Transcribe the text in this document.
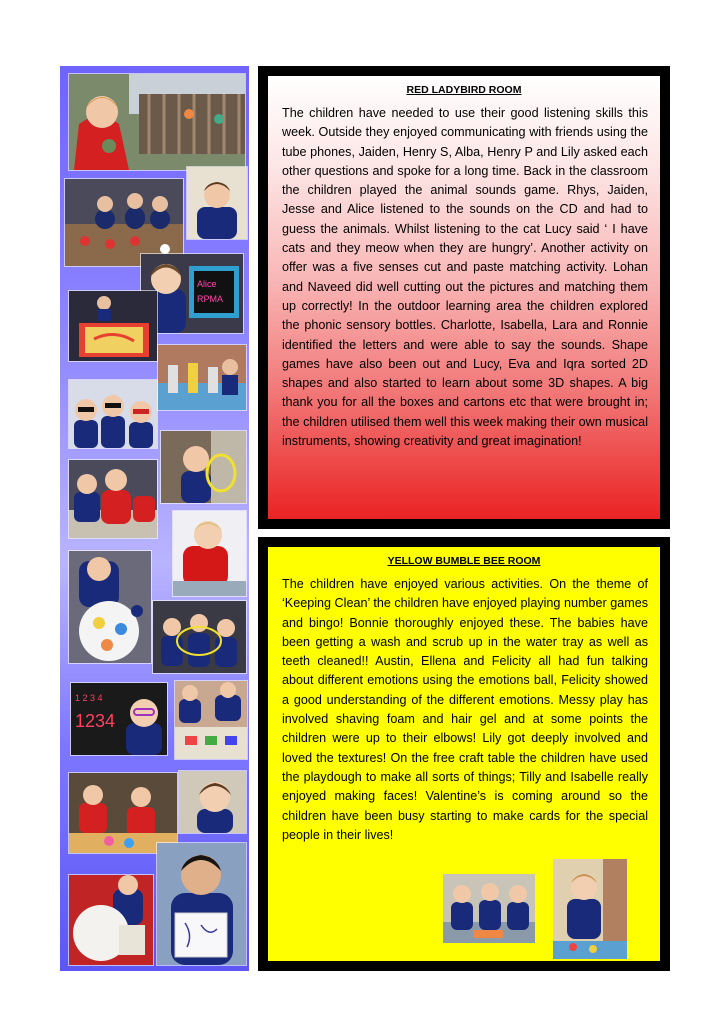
Alice
RPMA
1 2 3 4
1234
RED LADYBIRD ROOM
The children have needed to use their good listening skills this week. Outside they enjoyed communicating with friends using the tube phones, Jaiden, Henry S, Alba, Henry P and Lily asked each other questions and spoke for a long time. Back in the classroom the children played the animal sounds game. Rhys, Jaiden, Jesse and Alice listened to the sounds on the CD and had to guess the animals. Whilst listening to the cat Lucy said ‘ I have cats and they meow when they are hungry’. Another activity on offer was a five senses cut and paste matching activity. Lohan and Naveed did well cutting out the pictures and matching them up correctly! In the outdoor learning area the children explored the phonic sensory bottles. Charlotte, Isabella, Lara and Ronnie identified the letters and were able to say the sounds. Shape games have also been out and Lucy, Eva and Iqra sorted 2D shapes and also started to learn about some 3D shapes. A big thank you for all the boxes and cartons etc that were brought in; the children utilised them well this week making their own musical instruments, showing creativity and great imagination!
YELLOW BUMBLE BEE ROOM
The children have enjoyed various activities. On the theme of ‘Keeping Clean’ the children have enjoyed playing number games and bingo! Bonnie thoroughly enjoyed these. The babies have been getting a wash and scrub up in the water tray as well as teeth cleaned!! Austin, Ellena and Felicity all had fun talking about different emotions using the emotions ball, Felicity showed a good understanding of the different emotions. Messy play has involved shaving foam and hair gel and at some points the children were up to their elbows! Lily got deeply involved and loved the textures! On the free craft table the children have used the playdough to make all sorts of things; Tilly and Isabelle really enjoyed making faces! Valentine’s is coming around so the children have been busy starting to make cards for the special people in their lives!
